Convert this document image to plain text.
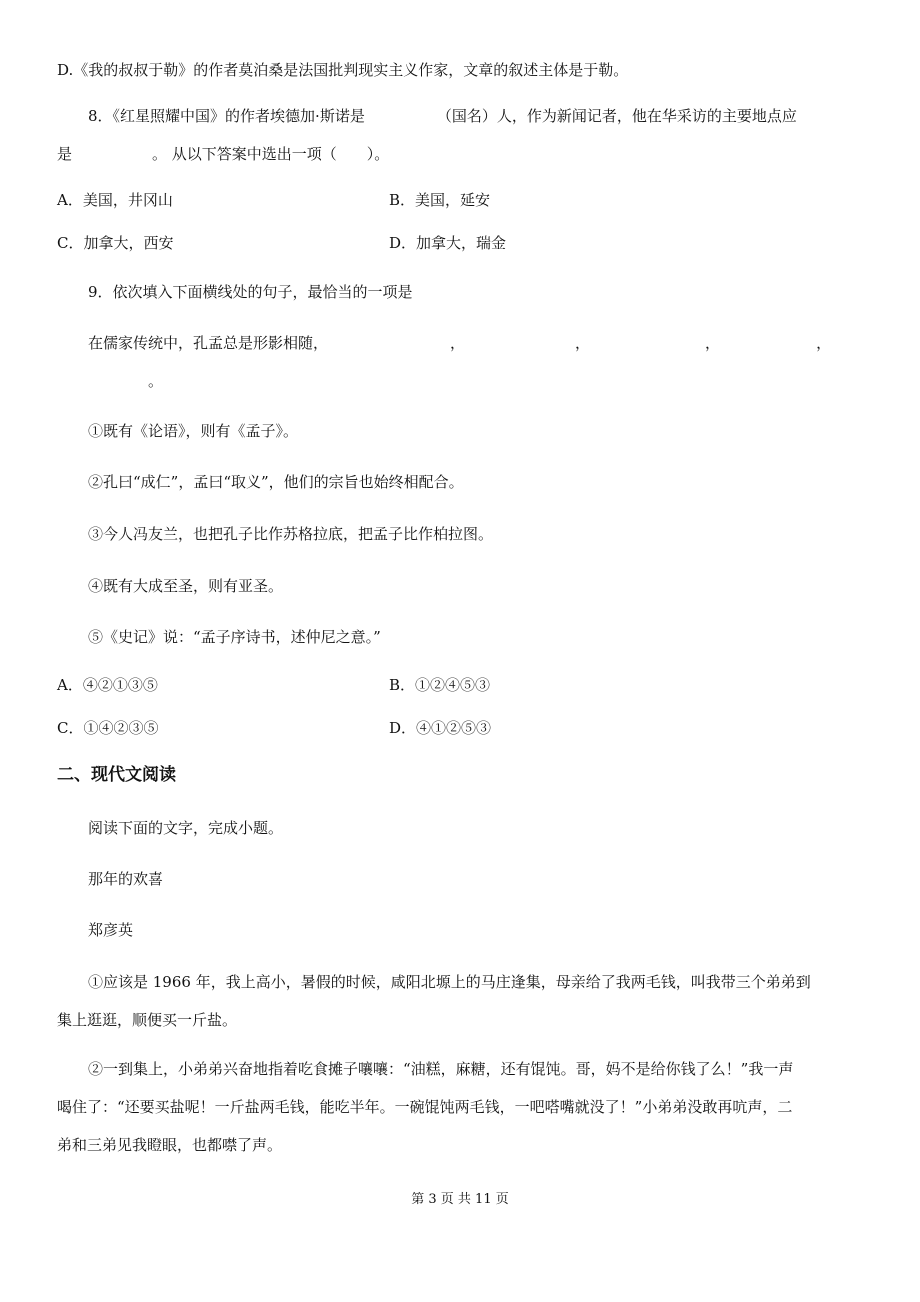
D.《我的叔叔于勒》的作者莫泊桑是法国批判现实主义作家，文章的叙述主体是于勒。
8．《红星照耀中国》的作者埃德加·斯诺是	（国名）人，作为新闻记者，他在华采访的主要地点应
是	。 从以下答案中选出一项（　　）。
A．美国，井冈山	B．美国，延安
C．加拿大，西安	D．加拿大，瑞金
9．依次填入下面横线处的句子，最恰当的一项是
在儒家传统中，孔孟总是形影相随，	，	，	，	，
。
①既有《论语》，则有《孟子》。
②孔曰“成仁”，孟曰“取义”，他们的宗旨也始终相配合。
③今人冯友兰，也把孔子比作苏格拉底，把孟子比作柏拉图。
④既有大成至圣，则有亚圣。
⑤《史记》说：“孟子序诗书，述仲尼之意。”
A．④②①③⑤	B．①②④⑤③
C．①④②③⑤	D．④①②⑤③
二、现代文阅读
阅读下面的文字，完成小题。
那年的欢喜
郑彦英
①应该是 1966 年，我上高小，暑假的时候，咸阳北塬上的马庄逢集，母亲给了我两毛钱，叫我带三个弟弟到
集上逛逛，顺便买一斤盐。
②一到集上，小弟弟兴奋地指着吃食摊子嚷嚷：“油糕，麻糖，还有馄饨。哥，妈不是给你钱了么！”我一声
喝住了：“还要买盐呢！一斤盐两毛钱，能吃半年。一碗馄饨两毛钱，一吧嗒嘴就没了！”小弟弟没敢再吭声，二
弟和三弟见我瞪眼，也都噤了声。
第 3 页 共 11 页
